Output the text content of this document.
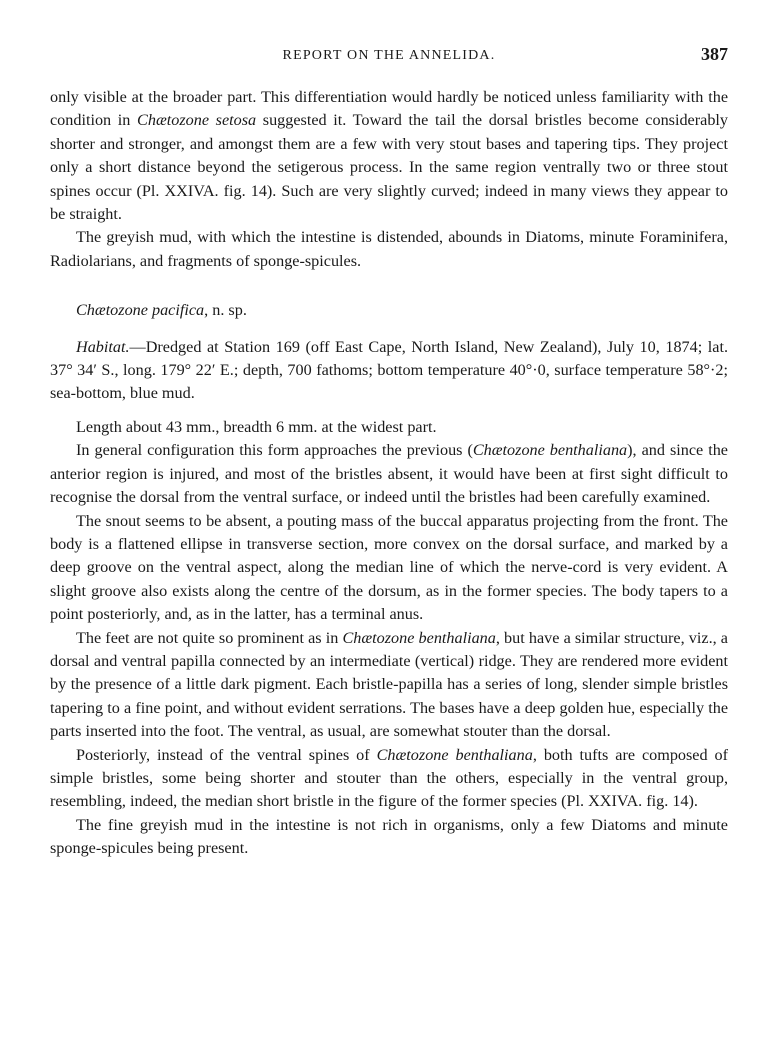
REPORT ON THE ANNELIDA.	387

only visible at the broader part. This differentiation would hardly be noticed unless familiarity with the condition in Chætozone setosa suggested it. Toward the tail the dorsal bristles become considerably shorter and stronger, and amongst them are a few with very stout bases and tapering tips. They project only a short distance beyond the setigerous process. In the same region ventrally two or three stout spines occur (Pl. XXIVA. fig. 14). Such are very slightly curved; indeed in many views they appear to be straight.

The greyish mud, with which the intestine is distended, abounds in Diatoms, minute Foraminifera, Radiolarians, and fragments of sponge-spicules.

Chætozone pacifica, n. sp.

Habitat.—Dredged at Station 169 (off East Cape, North Island, New Zealand), July 10, 1874; lat. 37° 34′ S., long. 179° 22′ E.; depth, 700 fathoms; bottom temperature 40°·0, surface temperature 58°·2; sea-bottom, blue mud.

Length about 43 mm., breadth 6 mm. at the widest part.

In general configuration this form approaches the previous (Chætozone benthaliana), and since the anterior region is injured, and most of the bristles absent, it would have been at first sight difficult to recognise the dorsal from the ventral surface, or indeed until the bristles had been carefully examined.

The snout seems to be absent, a pouting mass of the buccal apparatus projecting from the front. The body is a flattened ellipse in transverse section, more convex on the dorsal surface, and marked by a deep groove on the ventral aspect, along the median line of which the nerve-cord is very evident. A slight groove also exists along the centre of the dorsum, as in the former species. The body tapers to a point posteriorly, and, as in the latter, has a terminal anus.

The feet are not quite so prominent as in Chætozone benthaliana, but have a similar structure, viz., a dorsal and ventral papilla connected by an intermediate (vertical) ridge. They are rendered more evident by the presence of a little dark pigment. Each bristle-papilla has a series of long, slender simple bristles tapering to a fine point, and without evident serrations. The bases have a deep golden hue, especially the parts inserted into the foot. The ventral, as usual, are somewhat stouter than the dorsal.

Posteriorly, instead of the ventral spines of Chætozone benthaliana, both tufts are composed of simple bristles, some being shorter and stouter than the others, especially in the ventral group, resembling, indeed, the median short bristle in the figure of the former species (Pl. XXIVA. fig. 14).

The fine greyish mud in the intestine is not rich in organisms, only a few Diatoms and minute sponge-spicules being present.
